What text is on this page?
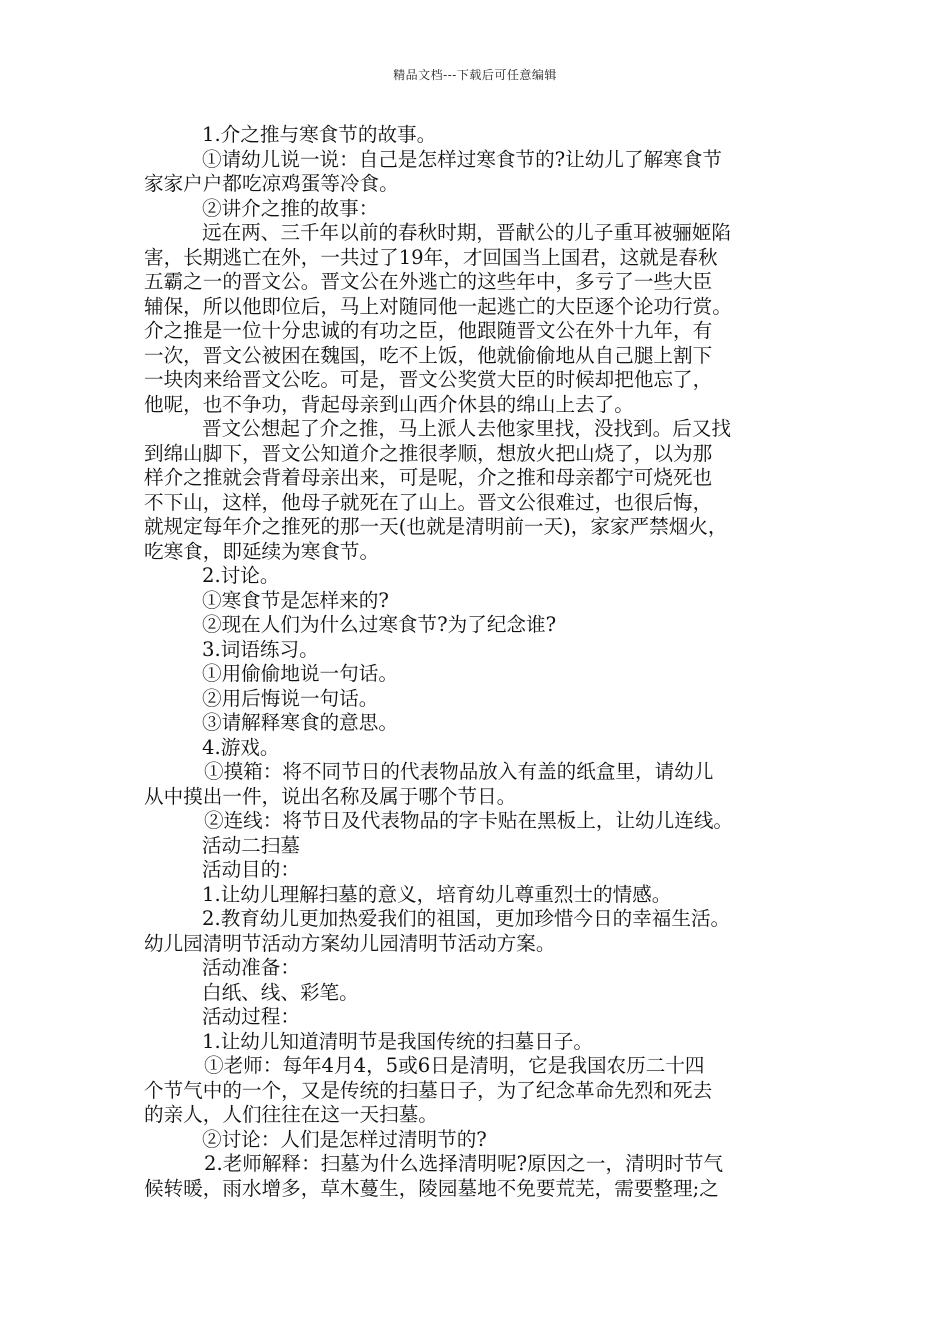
精品文档---下载后可任意编辑
1.介之推与寒食节的故事。
①请幼儿说一说：自己是怎样过寒食节的?让幼儿了解寒食节
家家户户都吃凉鸡蛋等冷食。
②讲介之推的故事：
远在两、三千年以前的春秋时期，晋献公的儿子重耳被骊姬陷
害，长期逃亡在外，一共过了19年，才回国当上国君，这就是春秋
五霸之一的晋文公。晋文公在外逃亡的这些年中，多亏了一些大臣
辅保，所以他即位后，马上对随同他一起逃亡的大臣逐个论功行赏。
介之推是一位十分忠诚的有功之臣，他跟随晋文公在外十九年，有
一次，晋文公被困在魏国，吃不上饭，他就偷偷地从自己腿上割下
一块肉来给晋文公吃。可是，晋文公奖赏大臣的时候却把他忘了，
他呢，也不争功，背起母亲到山西介休县的绵山上去了。
晋文公想起了介之推，马上派人去他家里找，没找到。后又找
到绵山脚下，晋文公知道介之推很孝顺，想放火把山烧了，以为那
样介之推就会背着母亲出来，可是呢，介之推和母亲都宁可烧死也
不下山，这样，他母子就死在了山上。晋文公很难过，也很后悔，
就规定每年介之推死的那一天(也就是清明前一天)，家家严禁烟火，
吃寒食，即延续为寒食节。
2.讨论。
①寒食节是怎样来的?
②现在人们为什么过寒食节?为了纪念谁?
3.词语练习。
①用偷偷地说一句话。
②用后悔说一句话。
③请解释寒食的意思。
4.游戏。
①摸箱：将不同节日的代表物品放入有盖的纸盒里，请幼儿
从中摸出一件，说出名称及属于哪个节日。
②连线：将节日及代表物品的字卡贴在黑板上，让幼儿连线。
活动二扫墓
活动目的：
1.让幼儿理解扫墓的意义，培育幼儿尊重烈士的情感。
2.教育幼儿更加热爱我们的祖国，更加珍惜今日的幸福生活。
幼儿园清明节活动方案幼儿园清明节活动方案。
活动准备：
白纸、线、彩笔。
活动过程：
1.让幼儿知道清明节是我国传统的扫墓日子。
①老师：每年4月4，5或6日是清明，它是我国农历二十四
个节气中的一个，又是传统的扫墓日子，为了纪念革命先烈和死去
的亲人，人们往往在这一天扫墓。
②讨论：人们是怎样过清明节的?
2.老师解释：扫墓为什么选择清明呢?原因之一，清明时节气
候转暖，雨水增多，草木蔓生，陵园墓地不免要荒芜，需要整理;之
